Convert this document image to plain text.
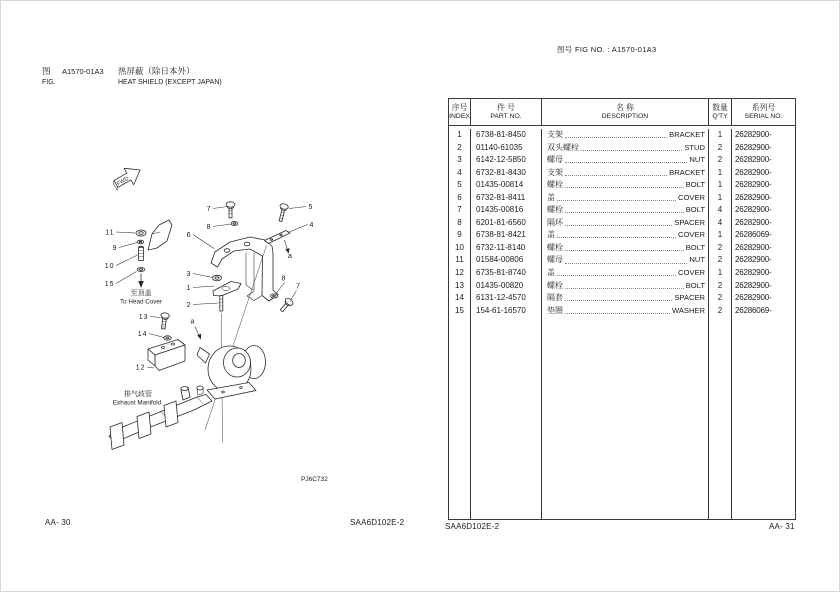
图	A1570-01A3	热屏蔽（除日本外）
FIG.	HEAT SHIELD (EXCEPT JAPAN)
图号 FIG NO. : A1570-01A3
FWD
11
9
10
15
13
14
12
7
8
6
3
1
2
5
4
8
7
a
a
至顶盖
To Head Cover
排气歧管
Exhaust Manifold
PJ6C732
序号
INDEX
件 号
PART NO.
名 称
DESCRIPTION
数量
Q'TY
系列号
SERIAL NO.
1	6738-81-8450	支架	BRACKET	1	26282900-
2	01140-61035	双头螺栓	STUD	2	26282900-
3	6142-12-5850	螺母	NUT	2	26282900-
4	6732-81-8430	支架	BRACKET	1	26282900-
5	01435-00814	螺栓	BOLT	1	26282900-
6	6732-81-8411	盖	COVER	1	26282900-
7	01435-00816	螺栓	BOLT	4	26282900-
8	6201-81-6560	隔环	SPACER	4	26282900-
9	6738-81-8421	盖	COVER	1	26286069-
10	6732-11-8140	螺栓	BOLT	2	26282900-
11	01584-00806	螺母	NUT	2	26282900-
12	6735-81-8740	盖	COVER	1	26282900-
13	01435-00820	螺栓	BOLT	2	26282900-
14	6131-12-4570	隔套	SPACER	2	26282900-
15	154-61-16570	垫圈	WASHER	2	26286069-
AA- 30	SAA6D102E-2	SAA6D102E-2	AA- 31
